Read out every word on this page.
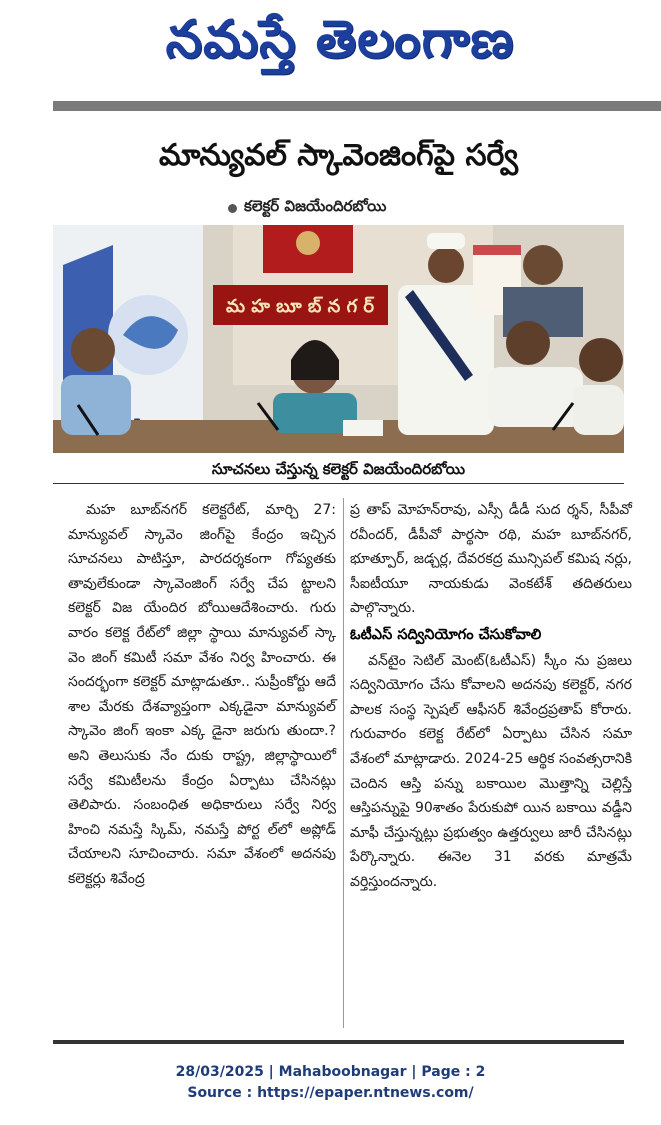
నమస్తే తెలంగాణ
మాన్యువల్ స్కావెంజింగ్‌పై సర్వే
కలెక్టర్ విజయేందిరబోయి
మ హ బూ బ్ న గ ర్
సూచనలు చేస్తున్న కలెక్టర్ విజయేందిరబోయి

మహ బూబ్‌నగర్ కలెక్టరేట్, మార్చి 27: మాన్యువల్ స్కావెం జింగ్‌పై కేంద్రం ఇచ్చిన సూచనలు పాటిస్తూ, పారదర్శకంగా గోప్యతకు తావులేకుండా స్కావెంజింగ్ సర్వే చేప ట్టాలని కలెక్టర్ విజ యేందిర బోయిఆదేశించారు. గురు వారం కలెక్ట రేట్‌లో జిల్లా స్థాయి మాన్యువల్ స్కా వెం జింగ్ కమిటీ సమా వేశం నిర్వ హించారు. ఈ సందర్భంగా కలెక్టర్ మాట్లాడుతూ.. సుప్రీంకోర్టు ఆదే శాల మేరకు దేశవ్యాప్తంగా ఎక్కడైనా మాన్యువల్ స్కావెం జింగ్ ఇంకా ఎక్క డైనా జరుగు తుందా.? అని తెలుసుకు నేం దుకు రాష్ట్ర, జిల్లాస్థాయిలో సర్వే కమిటీలను కేంద్రం ఏర్పాటు చేసినట్లు తెలిపారు. సంబంధిత అధికారులు సర్వే నిర్వ హించి నమస్తే స్కిమ్, నమస్తే పోర్ట ల్‌లో అప్లోడ్ చేయాలని సూచించారు. సమా వేశంలో అదనపు కలెక్టర్లు శివేంద్ర

ప్ర తాప్ మోహన్‌రావు, ఎస్సీ డీడీ సుద ర్శన్, సీపీవో రవీందర్, డీపీవో పార్థసా రథి, మహ బూబ్‌నగర్, భూత్పూర్, జడ్చర్ల, దేవరకద్ర మున్సిపల్ కమిష నర్లు, సీఐటీయూ నాయకుడు వెంకటేశ్ తదితరులు పాల్గొన్నారు.

ఓటీఎస్ సద్వినియోగం చేసుకోవాలి

వన్‌టైం సెటిల్ మెంట్(ఓటీఎస్) స్కీం ను ప్రజలు సద్వినియోగం చేసు కోవాలని అదనపు కలెక్టర్, నగర పాలక సంస్థ స్పెషల్ ఆఫీసర్ శివేంద్రప్రతాప్ కోరారు. గురువారం కలెక్ట రేట్‌లో ఏర్పాటు చేసిన సమా వేశంలో మాట్లాడారు. 2024-25 ఆర్థిక సంవత్సరానికి చెందిన ఆస్తి పన్ను బకాయిల మొత్తాన్ని చెల్లిస్తే ఆస్తిపన్నుపై 90శాతం పేరుకుపో యిన బకాయి వడ్డీని మాఫీ చేస్తున్నట్లు ప్రభుత్వం ఉత్తర్వులు జారీ చేసినట్లు పేర్కొన్నారు. ఈనెల 31 వరకు మాత్రమే వర్తిస్తుందన్నారు.

28/03/2025 | Mahaboobnagar | Page : 2
Source : https://epaper.ntnews.com/
